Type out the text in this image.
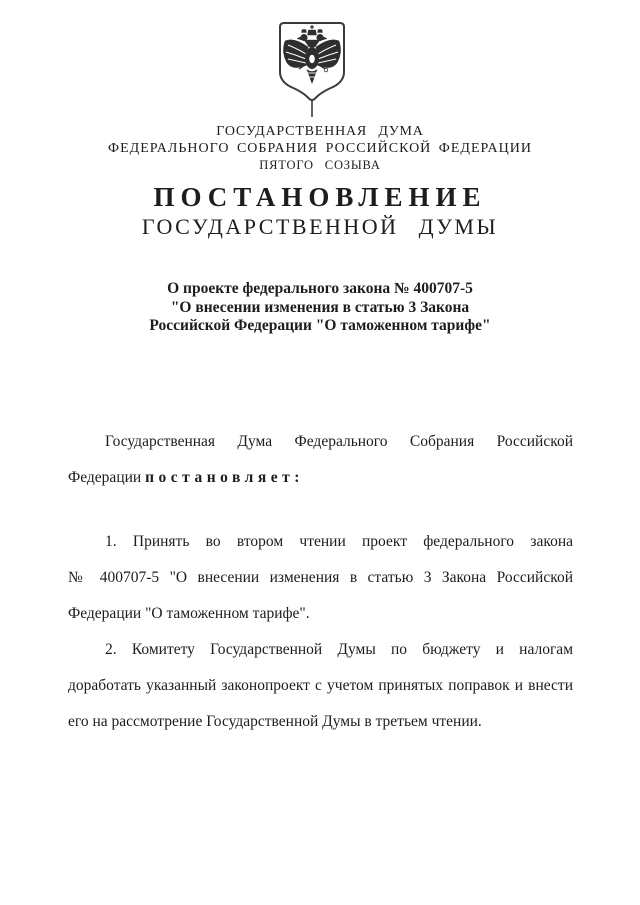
ГОСУДАРСТВЕННАЯ ДУМА
ФЕДЕРАЛЬНОГО СОБРАНИЯ РОССИЙСКОЙ ФЕДЕРАЦИИ
ПЯТОГО СОЗЫВА
ПОСТАНОВЛЕНИЕ
ГОСУДАРСТВЕННОЙ ДУМЫ
О проекте федерального закона № 400707-5
"О внесении изменения в статью 3 Закона
Российской Федерации "О таможенном тарифе"
Государственная Дума Федерального Собрания Российской
Федерации постановляет:
1. Принять во втором чтении проект федерального закона
№ 400707-5 "О внесении изменения в статью 3 Закона Российской
Федерации "О таможенном тарифе".
2. Комитету Государственной Думы по бюджету и налогам
доработать указанный законопроект с учетом принятых поправок и внести
его на рассмотрение Государственной Думы в третьем чтении.
